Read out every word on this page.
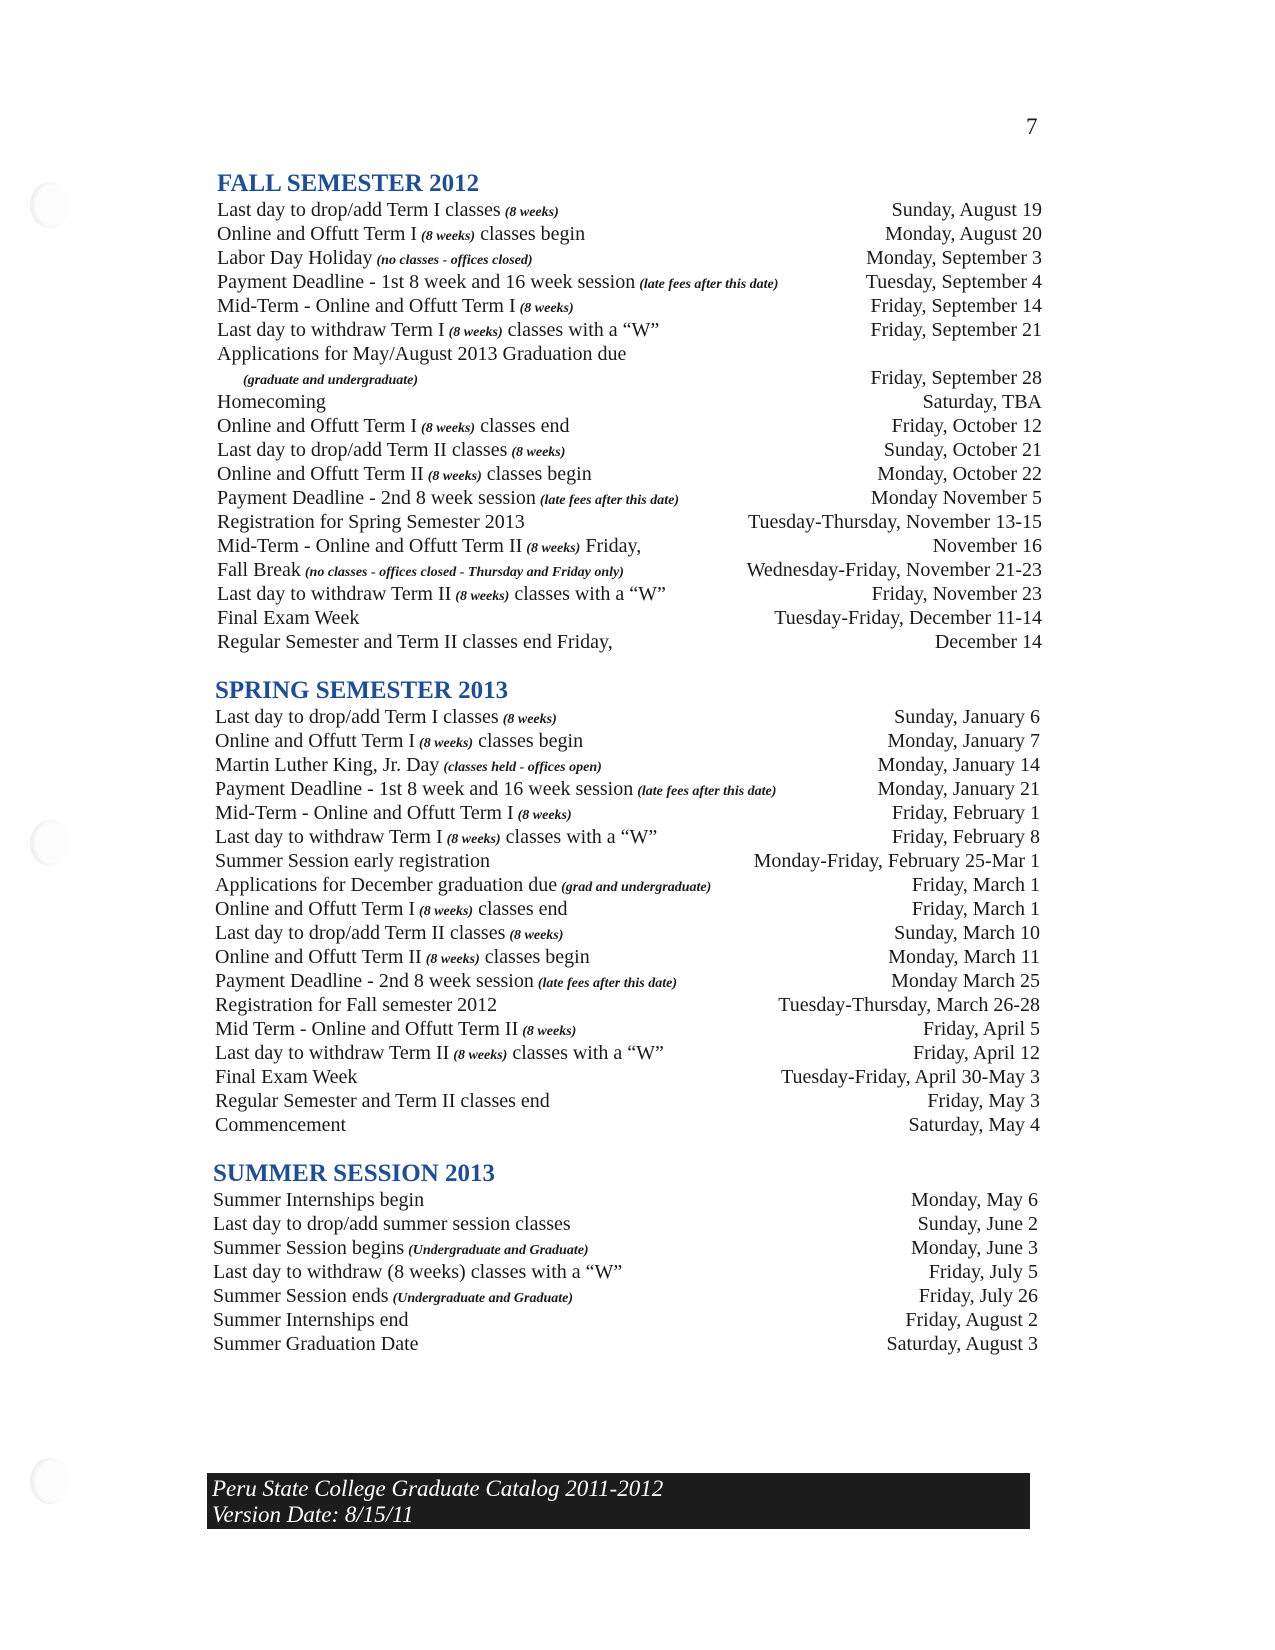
7
FALL SEMESTER 2012
Last day to drop/add Term I classes (8 weeks)	Sunday, August 19
Online and Offutt Term I (8 weeks) classes begin	Monday, August 20
Labor Day Holiday (no classes - offices closed)	Monday, September 3
Payment Deadline - 1st 8 week and 16 week session (late fees after this date)	Tuesday, September 4
Mid-Term - Online and Offutt Term I (8 weeks)	Friday, September 14
Last day to withdraw Term I (8 weeks) classes with a “W”	Friday, September 21
Applications for May/August 2013 Graduation due
(graduate and undergraduate)	Friday, September 28
Homecoming	Saturday, TBA
Online and Offutt Term I (8 weeks) classes end	Friday, October 12
Last day to drop/add Term II classes (8 weeks)	Sunday, October 21
Online and Offutt Term II (8 weeks) classes begin	Monday, October 22
Payment Deadline - 2nd 8 week session (late fees after this date)	Monday November 5
Registration for Spring Semester 2013	Tuesday-Thursday, November 13-15
Mid-Term - Online and Offutt Term II (8 weeks) Friday,	November 16
Fall Break (no classes - offices closed - Thursday and Friday only)	Wednesday-Friday, November 21-23
Last day to withdraw Term II (8 weeks) classes with a “W”	Friday, November 23
Final Exam Week	Tuesday-Friday, December 11-14
Regular Semester and Term II classes end Friday,	December 14
SPRING SEMESTER 2013
Last day to drop/add Term I classes (8 weeks)	Sunday, January 6
Online and Offutt Term I (8 weeks) classes begin	Monday, January 7
Martin Luther King, Jr. Day (classes held - offices open)	Monday, January 14
Payment Deadline - 1st 8 week and 16 week session (late fees after this date)	Monday, January 21
Mid-Term - Online and Offutt Term I (8 weeks)	Friday, February 1
Last day to withdraw Term I (8 weeks) classes with a “W”	Friday, February 8
Summer Session early registration	Monday-Friday, February 25-Mar 1
Applications for December graduation due (grad and undergraduate)	Friday, March 1
Online and Offutt Term I (8 weeks) classes end	Friday, March 1
Last day to drop/add Term II classes (8 weeks)	Sunday, March 10
Online and Offutt Term II (8 weeks) classes begin	Monday, March 11
Payment Deadline - 2nd 8 week session (late fees after this date)	Monday March 25
Registration for Fall semester 2012	Tuesday-Thursday, March 26-28
Mid Term - Online and Offutt Term II (8 weeks)	Friday, April 5
Last day to withdraw Term II (8 weeks) classes with a “W”	Friday, April 12
Final Exam Week	Tuesday-Friday, April 30-May 3
Regular Semester and Term II classes end	Friday, May 3
Commencement	Saturday, May 4
SUMMER SESSION 2013
Summer Internships begin	Monday, May 6
Last day to drop/add summer session classes	Sunday, June 2
Summer Session begins (Undergraduate and Graduate)	Monday, June 3
Last day to withdraw (8 weeks) classes with a “W”	Friday, July 5
Summer Session ends (Undergraduate and Graduate)	Friday, July 26
Summer Internships end	Friday, August 2
Summer Graduation Date	Saturday, August 3
Peru State College Graduate Catalog 2011-2012
Version Date: 8/15/11
